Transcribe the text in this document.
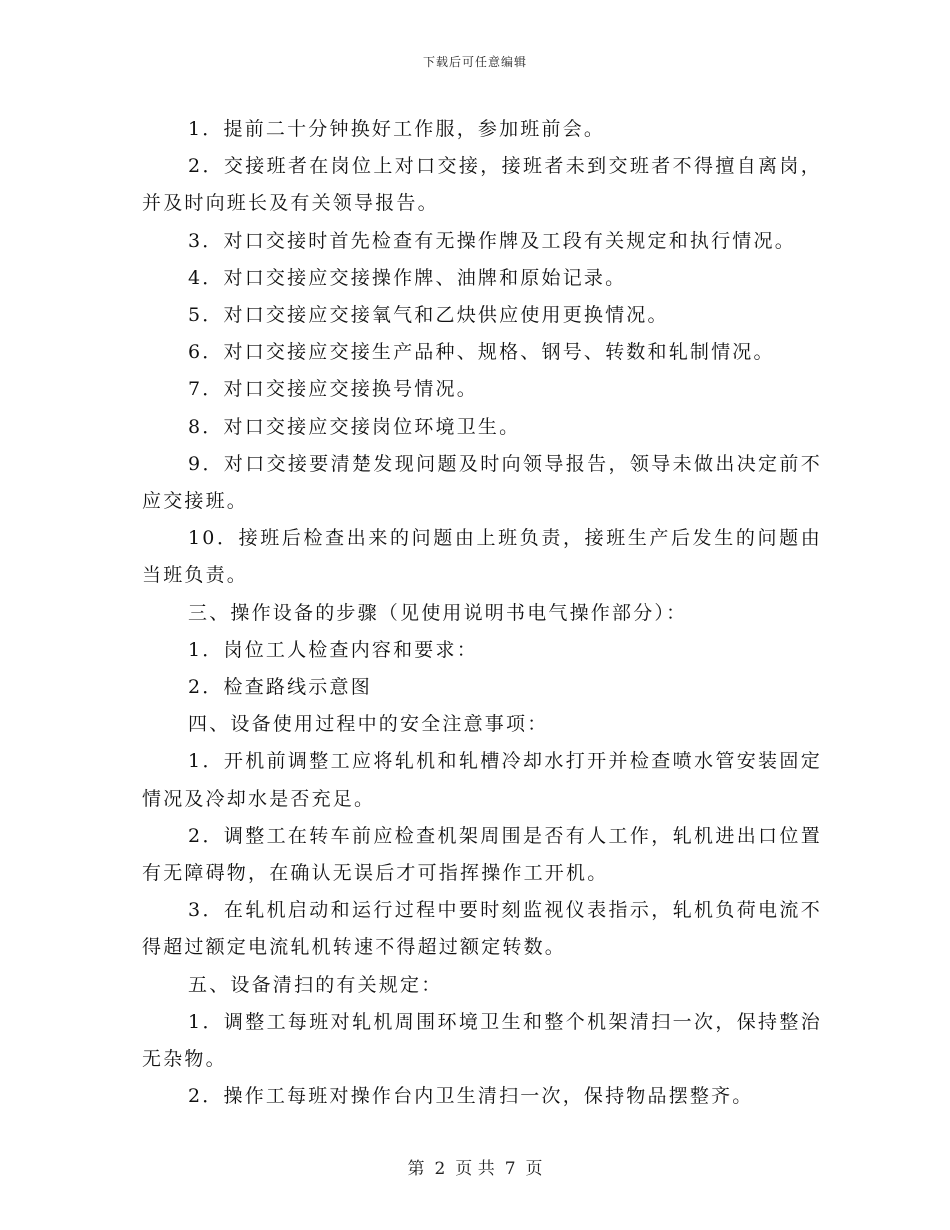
下载后可任意编辑

1．提前二十分钟换好工作服，参加班前会。

2．交接班者在岗位上对口交接，接班者未到交班者不得擅自离岗，并及时向班长及有关领导报告。

3．对口交接时首先检查有无操作牌及工段有关规定和执行情况。

4．对口交接应交接操作牌、油牌和原始记录。

5．对口交接应交接氧气和乙炔供应使用更换情况。

6．对口交接应交接生产品种、规格、钢号、转数和轧制情况。

7．对口交接应交接换号情况。

8．对口交接应交接岗位环境卫生。

9．对口交接要清楚发现问题及时向领导报告，领导未做出决定前不应交接班。

10．接班后检查出来的问题由上班负责，接班生产后发生的问题由当班负责。

三、操作设备的步骤（见使用说明书电气操作部分）：

1．岗位工人检查内容和要求：

2．检查路线示意图

四、设备使用过程中的安全注意事项：

1．开机前调整工应将轧机和轧槽冷却水打开并检查喷水管安装固定情况及冷却水是否充足。

2．调整工在转车前应检查机架周围是否有人工作，轧机进出口位置有无障碍物，在确认无误后才可指挥操作工开机。

3．在轧机启动和运行过程中要时刻监视仪表指示，轧机负荷电流不得超过额定电流轧机转速不得超过额定转数。

五、设备清扫的有关规定：

1．调整工每班对轧机周围环境卫生和整个机架清扫一次，保持整治无杂物。

2．操作工每班对操作台内卫生清扫一次，保持物品摆整齐。

第 2 页 共 7 页
